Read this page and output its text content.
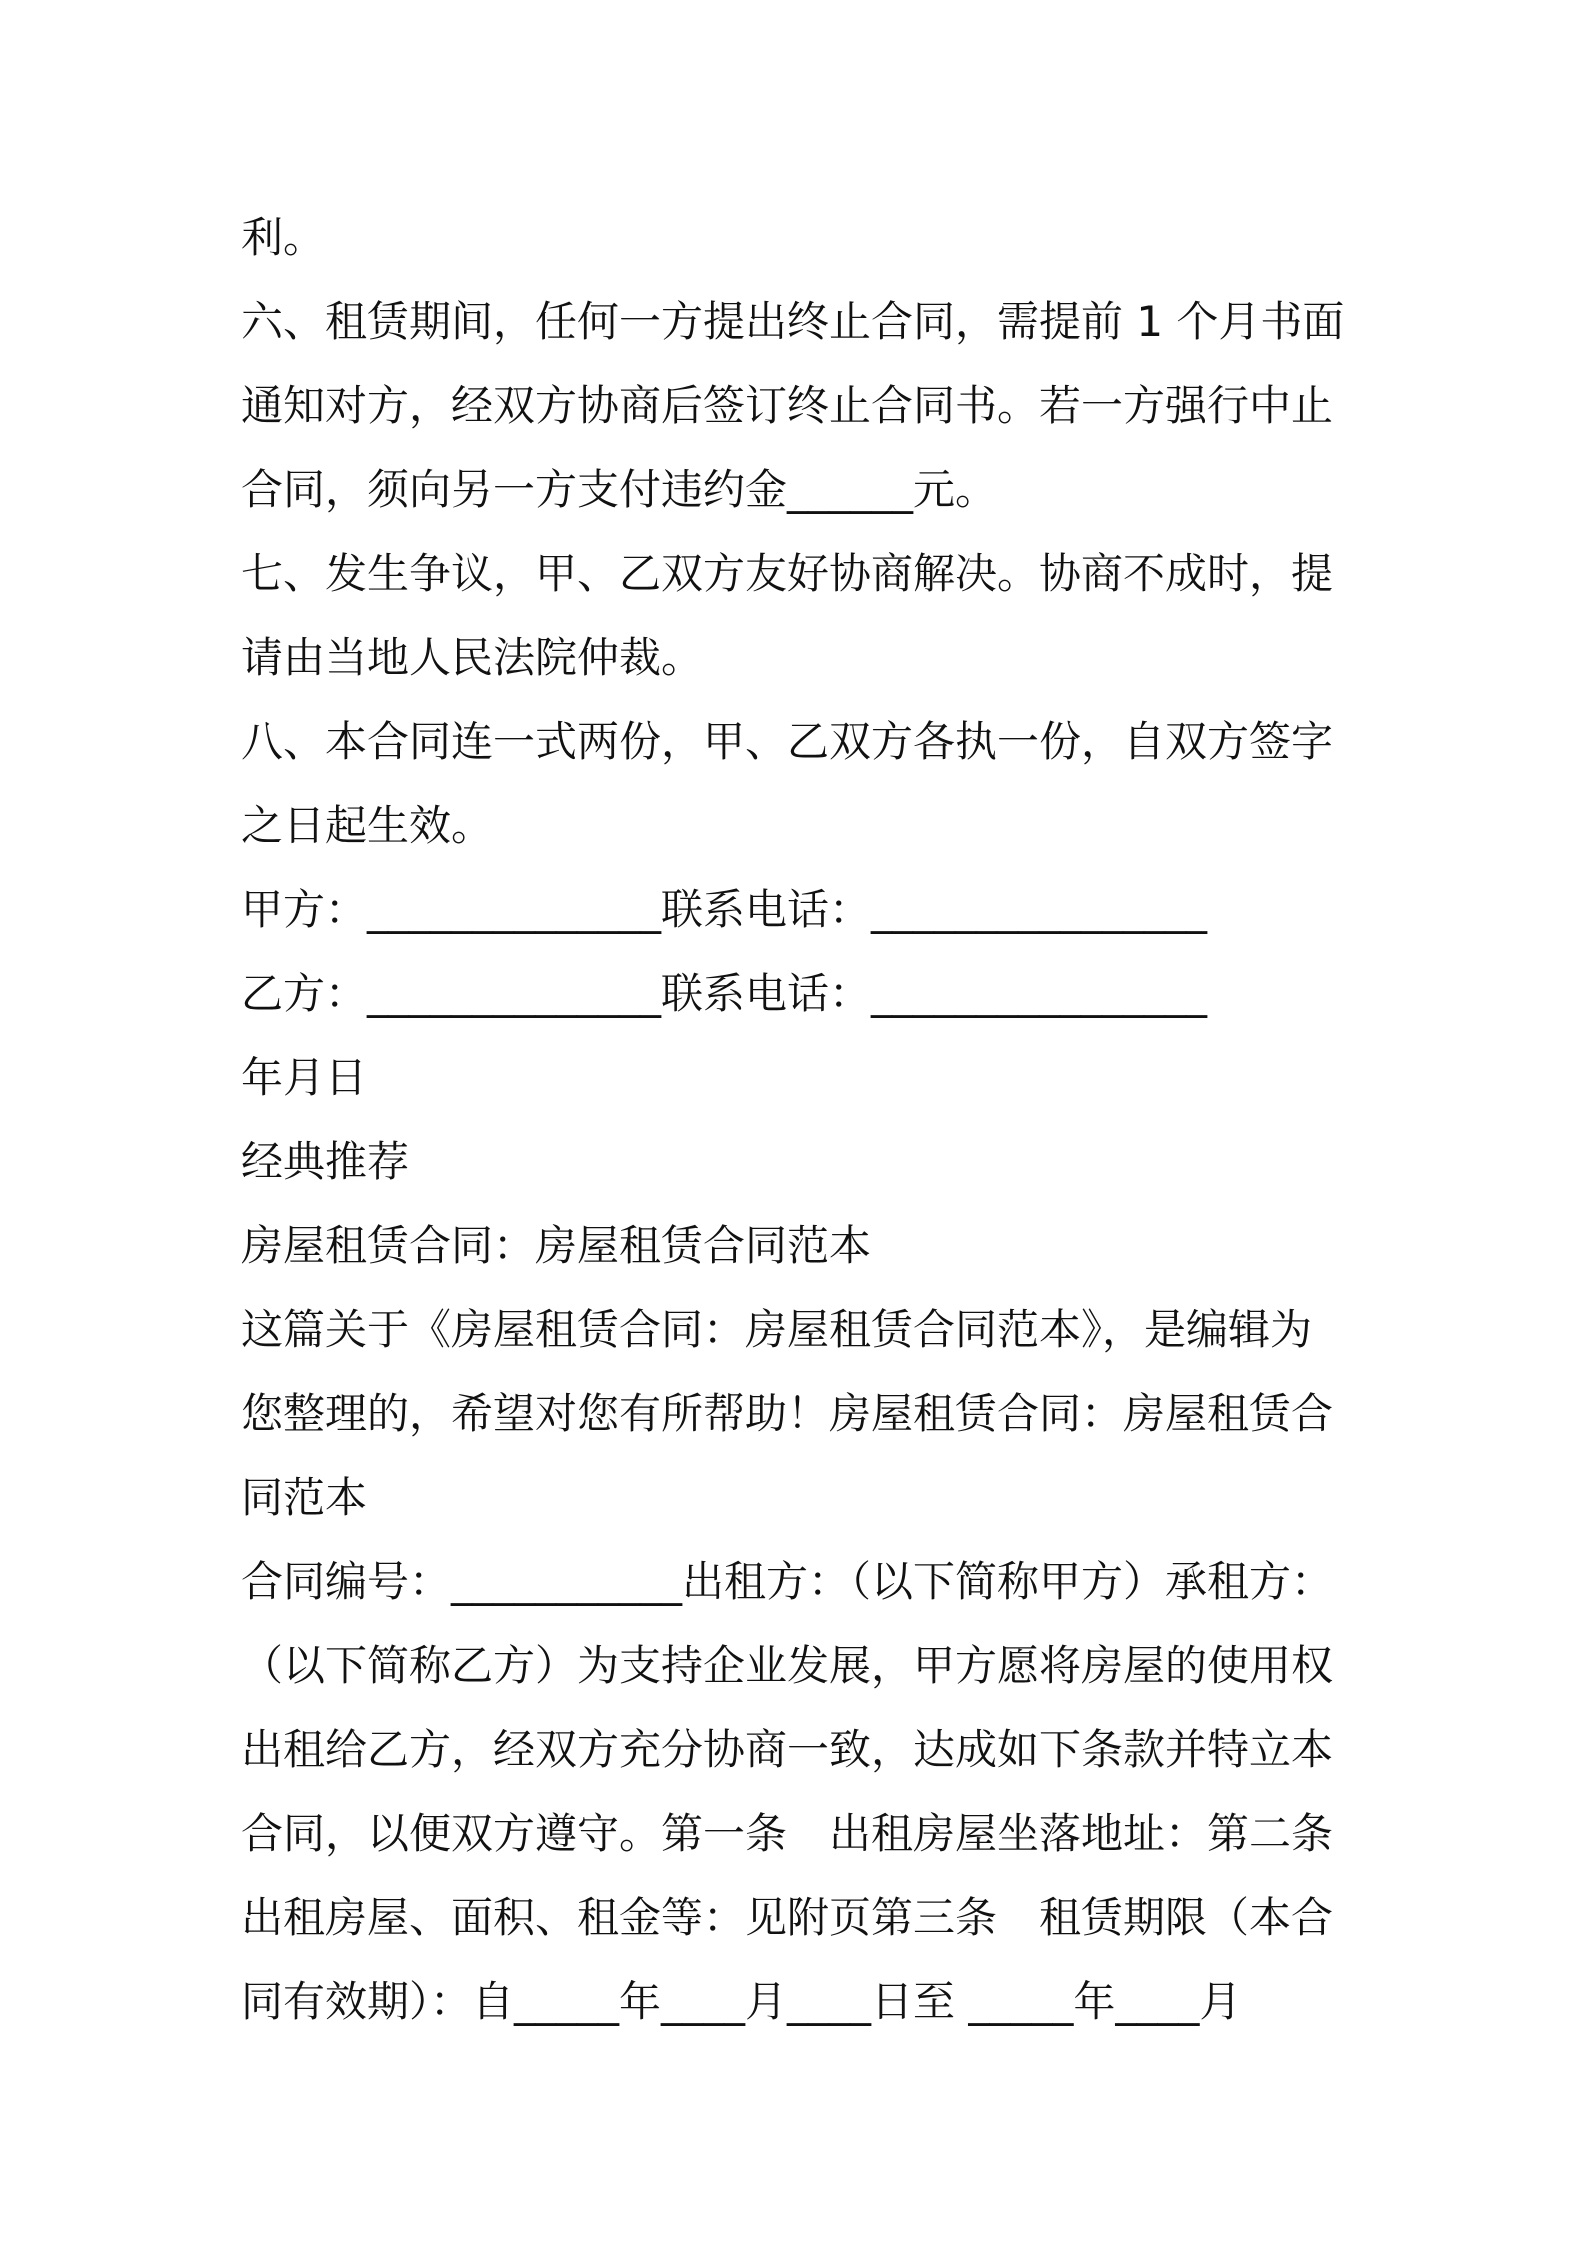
利。
六、租赁期间，任何一方提出终止合同，需提前 1 个月书面
通知对方，经双方协商后签订终止合同书。若一方强行中止
合同，须向另一方支付违约金______元。
七、发生争议，甲、乙双方友好协商解决。协商不成时，提
请由当地人民法院仲裁。
八、本合同连一式两份，甲、乙双方各执一份，自双方签字
之日起生效。
甲方：______________联系电话：________________
乙方：______________联系电话：________________
年月日
经典推荐
房屋租赁合同：房屋租赁合同范本
这篇关于《房屋租赁合同：房屋租赁合同范本》，是编辑为
您整理的，希望对您有所帮助！房屋租赁合同：房屋租赁合
同范本
合同编号：___________出租方：（以下简称甲方）承租方：
（以下简称乙方）为支持企业发展，甲方愿将房屋的使用权
出租给乙方，经双方充分协商一致，达成如下条款并特立本
合同，以便双方遵守。第一条　出租房屋坐落地址：第二条
出租房屋、面积、租金等：见附页第三条　租赁期限（本合
同有效期）：自_____年____月____日至 _____年____月
